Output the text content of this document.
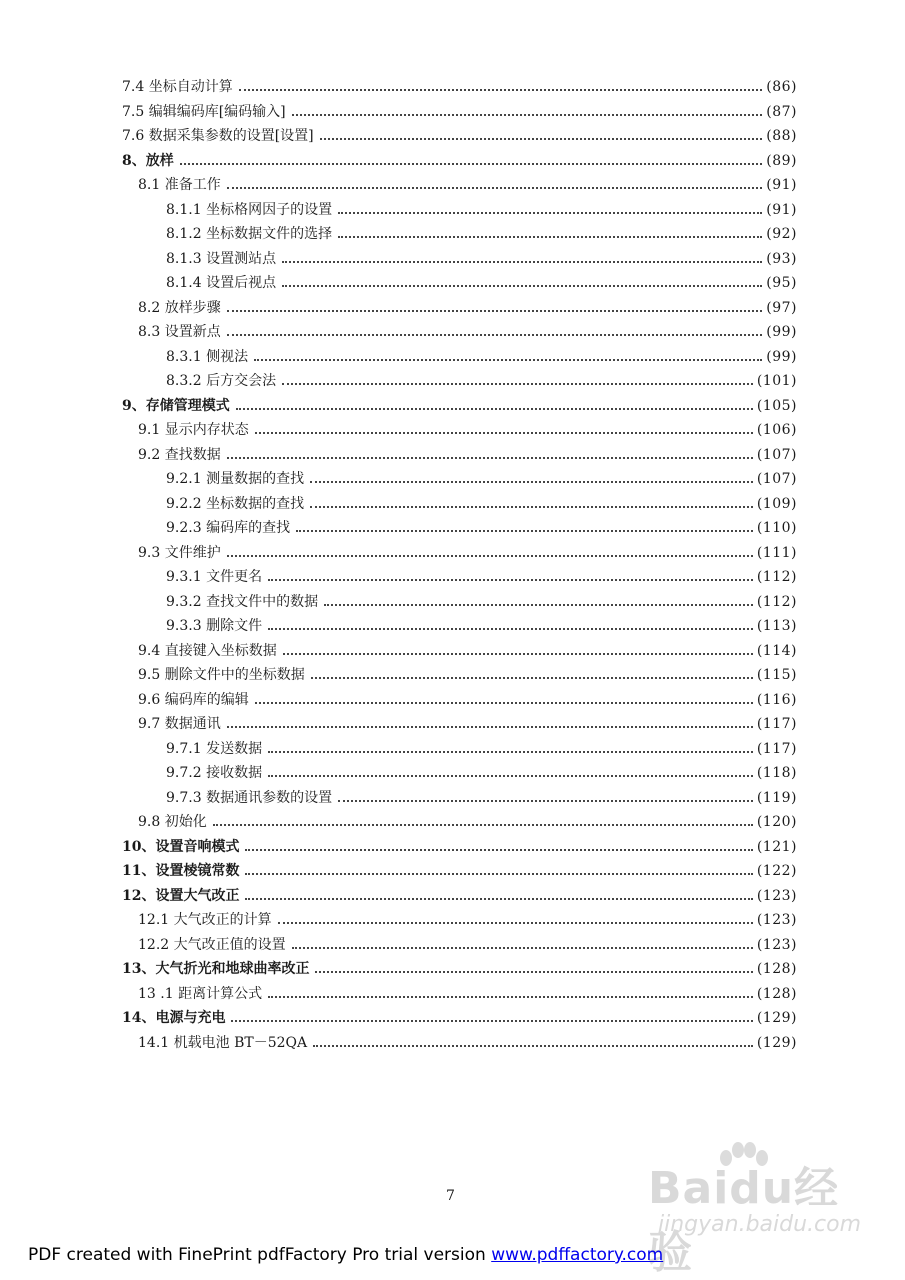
7.4 坐标自动计算	(86)
7.5 编辑编码库[编码输入]	(87)
7.6 数据采集参数的设置[设置]	(88)
8、放样	(89)
8.1 准备工作	(91)
8.1.1 坐标格网因子的设置	(91)
8.1.2 坐标数据文件的选择	(92)
8.1.3 设置测站点	(93)
8.1.4 设置后视点	(95)
8.2 放样步骤	(97)
8.3 设置新点	(99)
8.3.1 侧视法	(99)
8.3.2 后方交会法	(101)
9、存储管理模式	(105)
9.1 显示内存状态	(106)
9.2 查找数据	(107)
9.2.1 测量数据的查找	(107)
9.2.2 坐标数据的查找	(109)
9.2.3 编码库的查找	(110)
9.3 文件维护	(111)
9.3.1 文件更名	(112)
9.3.2 查找文件中的数据	(112)
9.3.3 删除文件	(113)
9.4 直接键入坐标数据	(114)
9.5 删除文件中的坐标数据	(115)
9.6 编码库的编辑	(116)
9.7 数据通讯	(117)
9.7.1 发送数据	(117)
9.7.2 接收数据	(118)
9.7.3 数据通讯参数的设置	(119)
9.8 初始化	(120)
10、设置音响模式	(121)
11、设置棱镜常数	(122)
12、设置大气改正	(123)
12.1 大气改正的计算	(123)
12.2 大气改正值的设置	(123)
13、大气折光和地球曲率改正	(128)
13 .1 距离计算公式	(128)
14、电源与充电	(129)
14.1 机载电池 BT－52QA	(129)
7	Baidu经验
jingyan.baidu.com
PDF created with FinePrint pdfFactory Pro trial version www.pdffactory.com
